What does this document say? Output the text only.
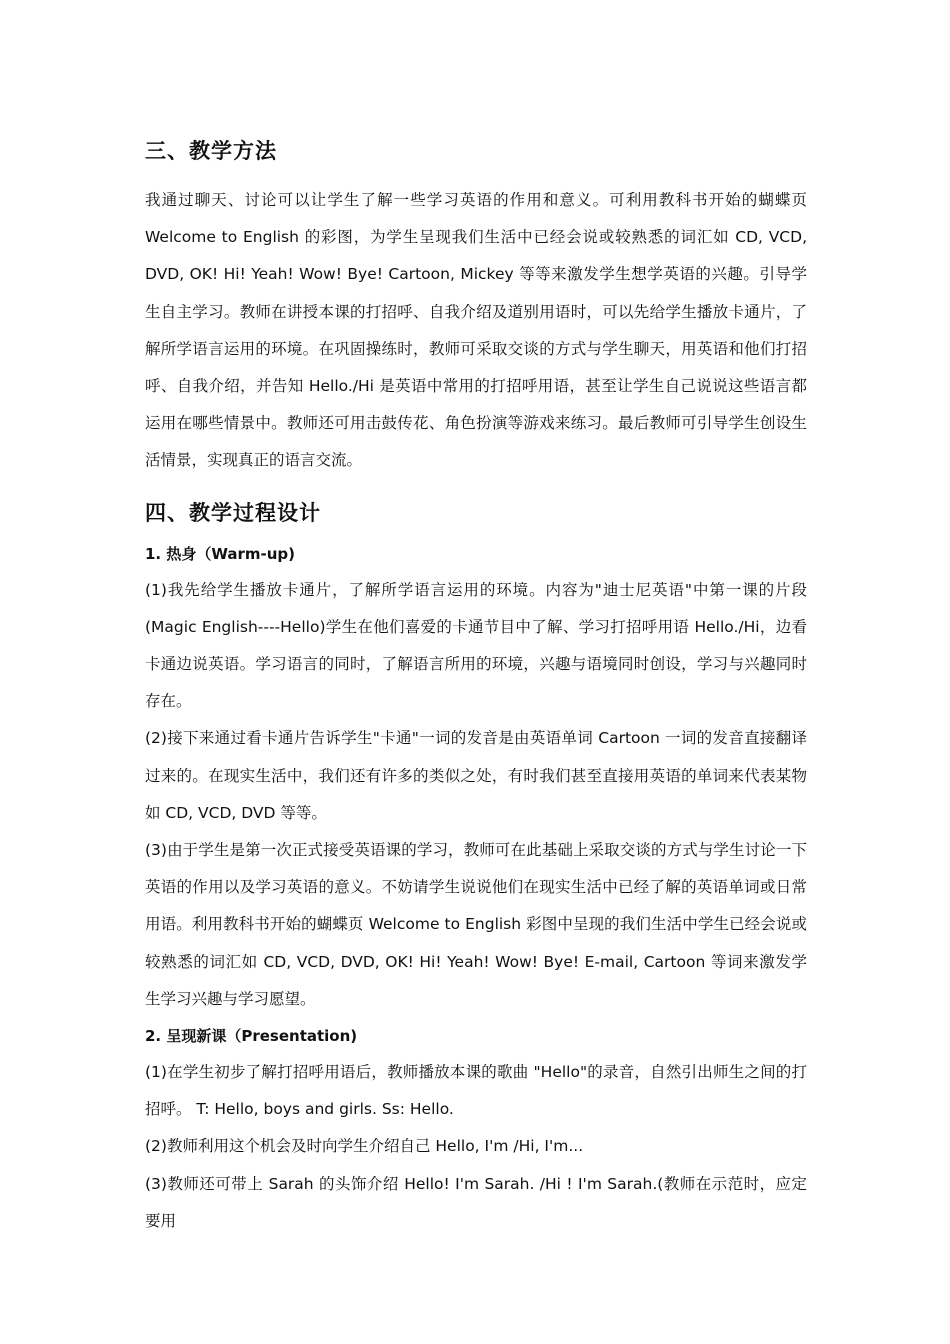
三、教学方法

我通过聊天、讨论可以让学生了解一些学习英语的作用和意义。可利用教科书开始的蝴蝶页 Welcome to English 的彩图，为学生呈现我们生活中已经会说或较熟悉的词汇如 CD, VCD, DVD, OK! Hi! Yeah! Wow! Bye! Cartoon, Mickey 等等来激发学生想学英语的兴趣。引导学生自主学习。教师在讲授本课的打招呼、自我介绍及道别用语时，可以先给学生播放卡通片，了解所学语言运用的环境。在巩固操练时，教师可采取交谈的方式与学生聊天，用英语和他们打招呼、自我介绍，并告知 Hello./Hi 是英语中常用的打招呼用语，甚至让学生自己说说这些语言都运用在哪些情景中。教师还可用击鼓传花、角色扮演等游戏来练习。最后教师可引导学生创设生活情景，实现真正的语言交流。

四、教学过程设计

1. 热身（Warm-up)

(1)我先给学生播放卡通片，了解所学语言运用的环境。内容为"迪士尼英语"中第一课的片段(Magic English----Hello)学生在他们喜爱的卡通节目中了解、学习打招呼用语 Hello./Hi，边看卡通边说英语。学习语言的同时，了解语言所用的环境，兴趣与语境同时创设，学习与兴趣同时存在。

(2)接下来通过看卡通片告诉学生"卡通"一词的发音是由英语单词 Cartoon 一词的发音直接翻译过来的。在现实生活中，我们还有许多的类似之处，有时我们甚至直接用英语的单词来代表某物如 CD, VCD, DVD 等等。

(3)由于学生是第一次正式接受英语课的学习，教师可在此基础上采取交谈的方式与学生讨论一下英语的作用以及学习英语的意义。不妨请学生说说他们在现实生活中已经了解的英语单词或日常用语。利用教科书开始的蝴蝶页 Welcome to English 彩图中呈现的我们生活中学生已经会说或较熟悉的词汇如 CD, VCD, DVD, OK! Hi! Yeah! Wow! Bye! E-mail, Cartoon 等词来激发学生学习兴趣与学习愿望。

2. 呈现新课（Presentation)

(1)在学生初步了解打招呼用语后，教师播放本课的歌曲 "Hello"的录音，自然引出师生之间的打招呼。 T: Hello, boys and girls. Ss: Hello.

(2)教师利用这个机会及时向学生介绍自己 Hello, I'm /Hi, I'm...

(3)教师还可带上 Sarah 的头饰介绍 Hello! I'm Sarah. /Hi ! I'm Sarah.(教师在示范时，应定要用
